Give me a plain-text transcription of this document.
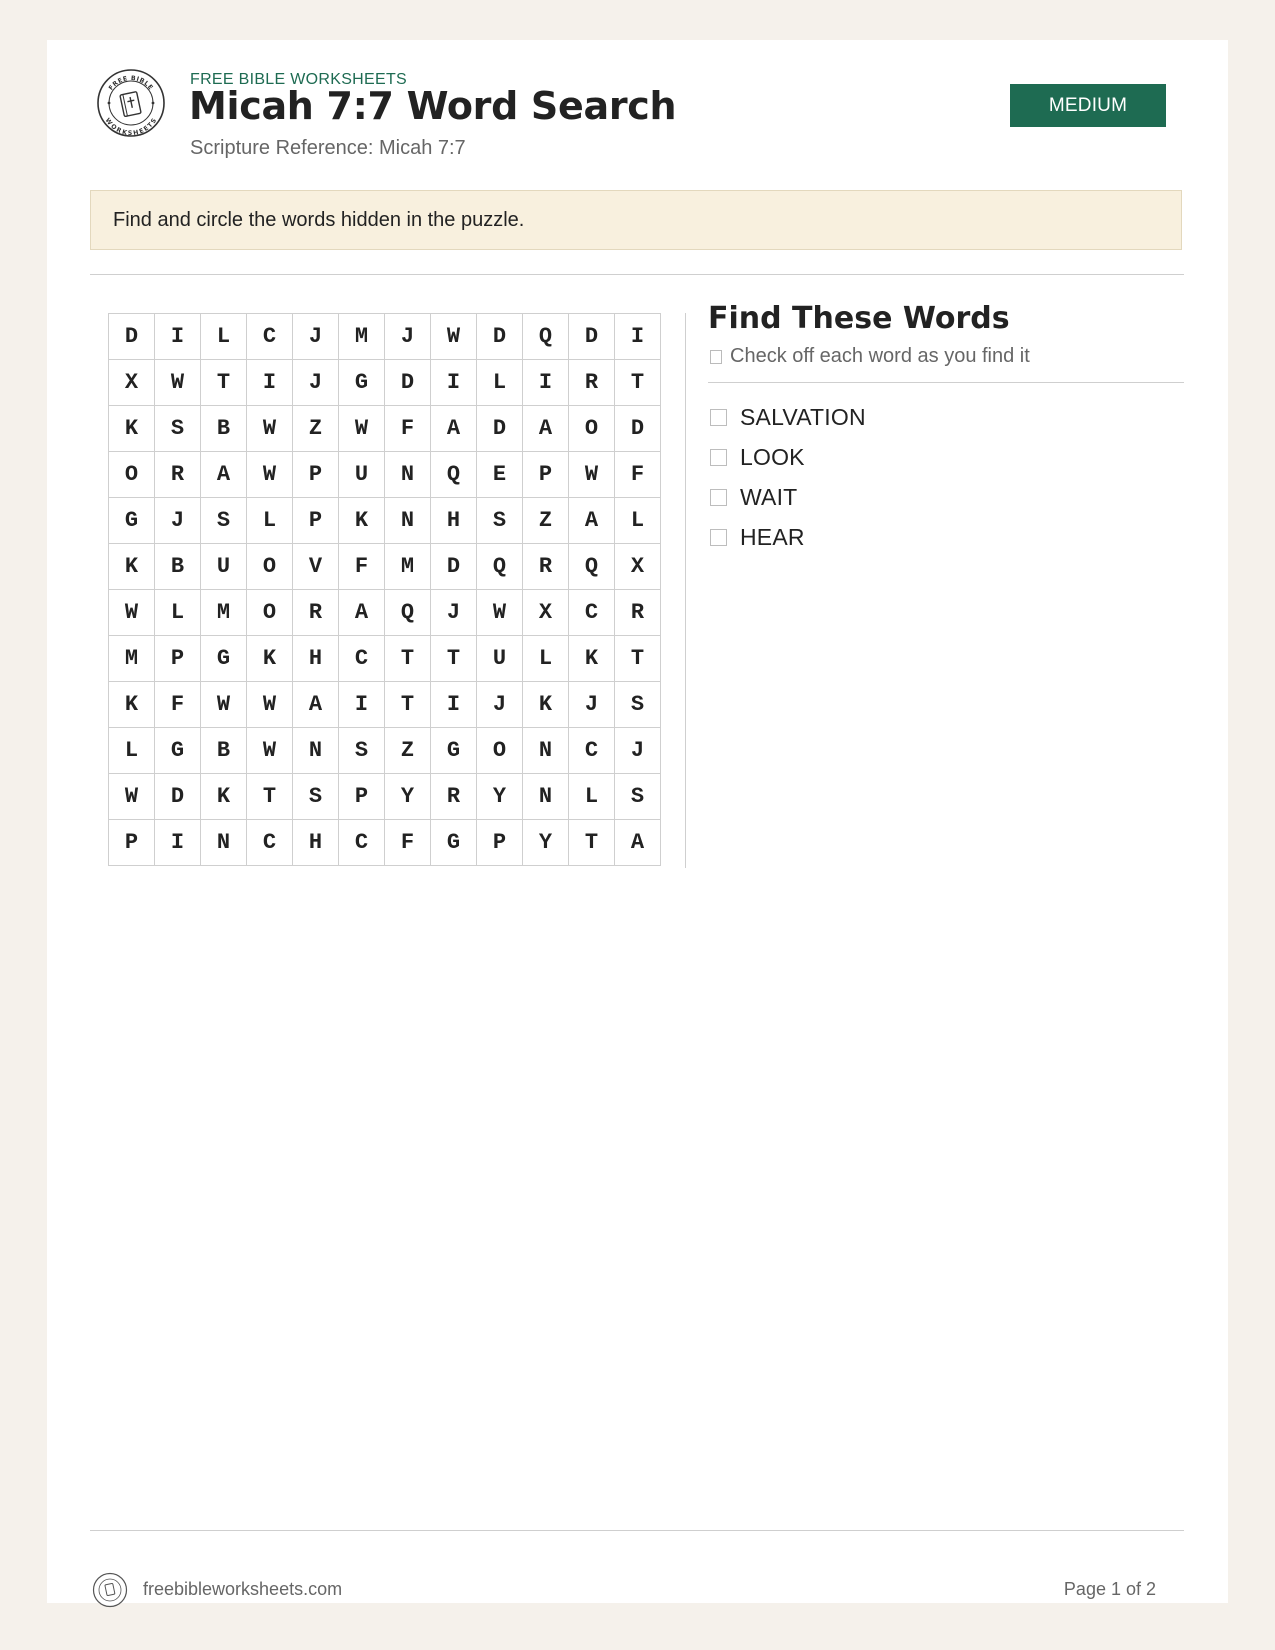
FREE BIBLE
WORKSHEETS
FREE BIBLE WORKSHEETS
Micah 7:7 Word Search
Scripture Reference: Micah 7:7
MEDIUM
Find and circle the words hidden in the puzzle.
D	I	L	C	J	M	J	W	D	Q	D	I
X	W	T	I	J	G	D	I	L	I	R	T
K	S	B	W	Z	W	F	A	D	A	O	D
O	R	A	W	P	U	N	Q	E	P	W	F
G	J	S	L	P	K	N	H	S	Z	A	L
K	B	U	O	V	F	M	D	Q	R	Q	X
W	L	M	O	R	A	Q	J	W	X	C	R
M	P	G	K	H	C	T	T	U	L	K	T
K	F	W	W	A	I	T	I	J	K	J	S
L	G	B	W	N	S	Z	G	O	N	C	J
W	D	K	T	S	P	Y	R	Y	N	L	S
P	I	N	C	H	C	F	G	P	Y	T	A
Find These Words
Check off each word as you find it
SALVATION
LOOK
WAIT
HEAR
freebibleworksheets.com	Page 1 of 2
